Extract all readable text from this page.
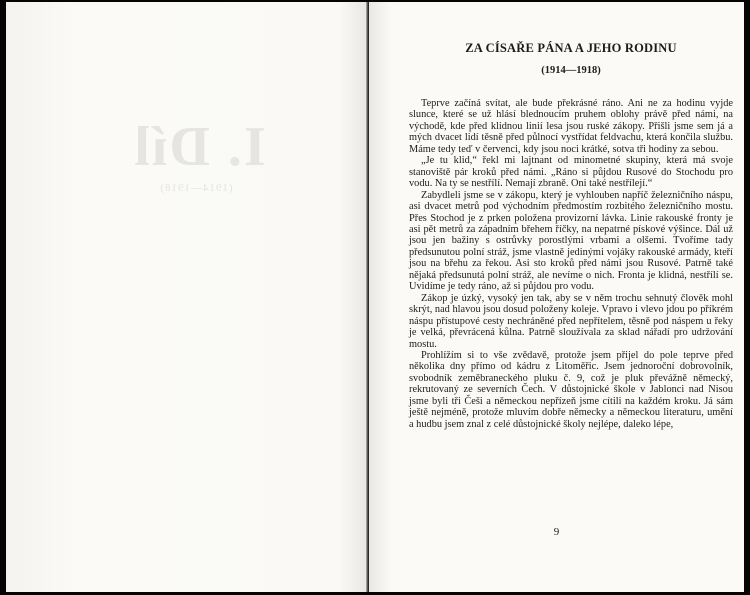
I. Díl
(1914—1918)
ZA CÍSAŘE PÁNA A JEHO RODINU
(1914—1918)

Teprve začíná svítat, ale bude překrásné ráno. Ani ne za hodinu vyjde slunce, které se už hlásí blednoucím pruhem oblohy právě před námi, na východě, kde před klidnou linií lesa jsou ruské zákopy. Přišli jsme sem já a mých dvacet lidí těsně před půlnocí vystřídat feldvachu, která končila službu. Máme tedy teď v červenci, kdy jsou noci krátké, sotva tři hodiny za sebou.

„Je tu klid,“ řekl mi lajtnant od minometné skupiny, která má svoje stanoviště pár kroků před námi. „Ráno si půjdou Rusové do Stochodu pro vodu. Na ty se nestřílí. Nemají zbraně. Oni také nestřílejí.“

Zabydleli jsme se v zákopu, který je vyhlouben napříč železničního náspu, asi dvacet metrů pod východním předmostím rozbitého železničního mostu. Přes Stochod je z prken položena provizorní lávka. Linie rakouské fronty je asi pět metrů za západním břehem říčky, na nepatrné pískové výšince. Dál už jsou jen bažiny s ostrůvky porostlými vrbami a olšemi. Tvoříme tady předsunutou polní stráž, jsme vlastně jedinými vojáky rakouské armády, kteří jsou na břehu za řekou. Asi sto kroků před námi jsou Rusové. Patrně také nějaká předsunutá polní stráž, ale nevíme o nich. Fronta je klidná, nestřílí se. Uvidíme je tedy ráno, až si půjdou pro vodu.

Zákop je úzký, vysoký jen tak, aby se v něm trochu sehnutý člověk mohl skrýt, nad hlavou jsou dosud položeny koleje. Vpravo i vlevo jdou po příkrém náspu přístupové cesty nechráněné před nepřítelem, těsně pod náspem u řeky je velká, převrácená kůlna. Patrně sloužívala za sklad nářadí pro udržování mostu.

Prohlížím si to vše zvědavě, protože jsem přijel do pole teprve před několika dny přímo od kádru z Litoměřic. Jsem jednoroční dobrovolník, svobodník zeměbraneckého pluku č. 9, což je pluk převážně německý, rekrutovaný ze severních Čech. V důstojnické škole v Jablonci nad Nisou jsme byli tři Češi a německou nepřízeň jsme cítili na každém kroku. Já sám ještě nejméně, protože mluvím dobře německy a německou literaturu, umění a hudbu jsem znal z celé důstojnické školy nejlépe, daleko lépe,

9
